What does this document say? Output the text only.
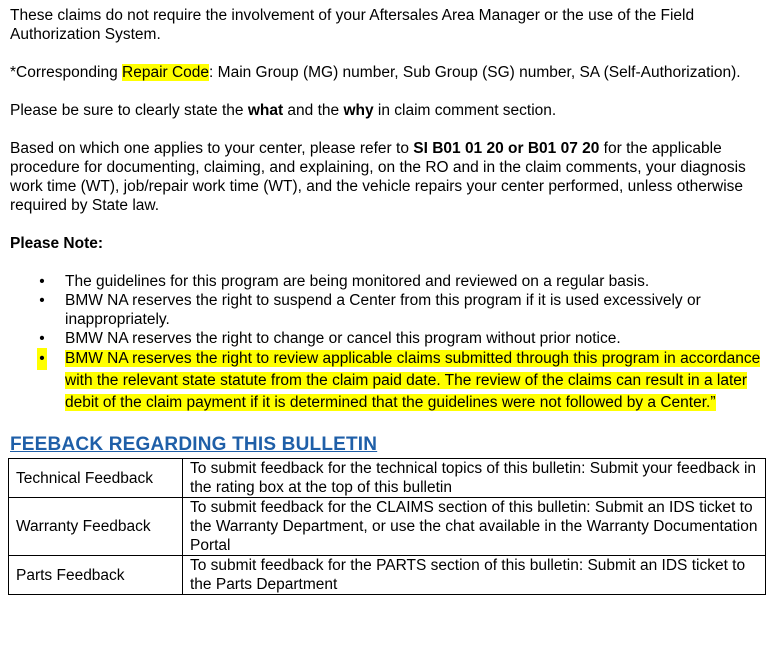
These claims do not require the involvement of your Aftersales Area Manager or the use of the Field Authorization System.

*Corresponding Repair Code: Main Group (MG) number, Sub Group (SG) number, SA (Self-Authorization).

Please be sure to clearly state the what and the why in claim comment section.

Based on which one applies to your center, please refer to SI B01 01 20 or B01 07 20 for the applicable procedure for documenting, claiming, and explaining, on the RO and in the claim comments, your diagnosis work time (WT), job/repair work time (WT), and the vehicle repairs your center performed, unless otherwise required by State law.

Please Note:

• The guidelines for this program are being monitored and reviewed on a regular basis.
• BMW NA reserves the right to suspend a Center from this program if it is used excessively or inappropriately.
• BMW NA reserves the right to change or cancel this program without prior notice.
• BMW NA reserves the right to review applicable claims submitted through this program in accordance with the relevant state statute from the claim paid date. The review of the claims can result in a later debit of the claim payment if it is determined that the guidelines were not followed by a Center.”
FEEBACK REGARDING THIS BULLETIN
Technical Feedback	To submit feedback for the technical topics of this bulletin: Submit your feedback in the rating box at the top of this bulletin
Warranty Feedback	To submit feedback for the CLAIMS section of this bulletin: Submit an IDS ticket to the Warranty Department, or use the chat available in the Warranty Documentation Portal
Parts Feedback	To submit feedback for the PARTS section of this bulletin: Submit an IDS ticket to the Parts Department
